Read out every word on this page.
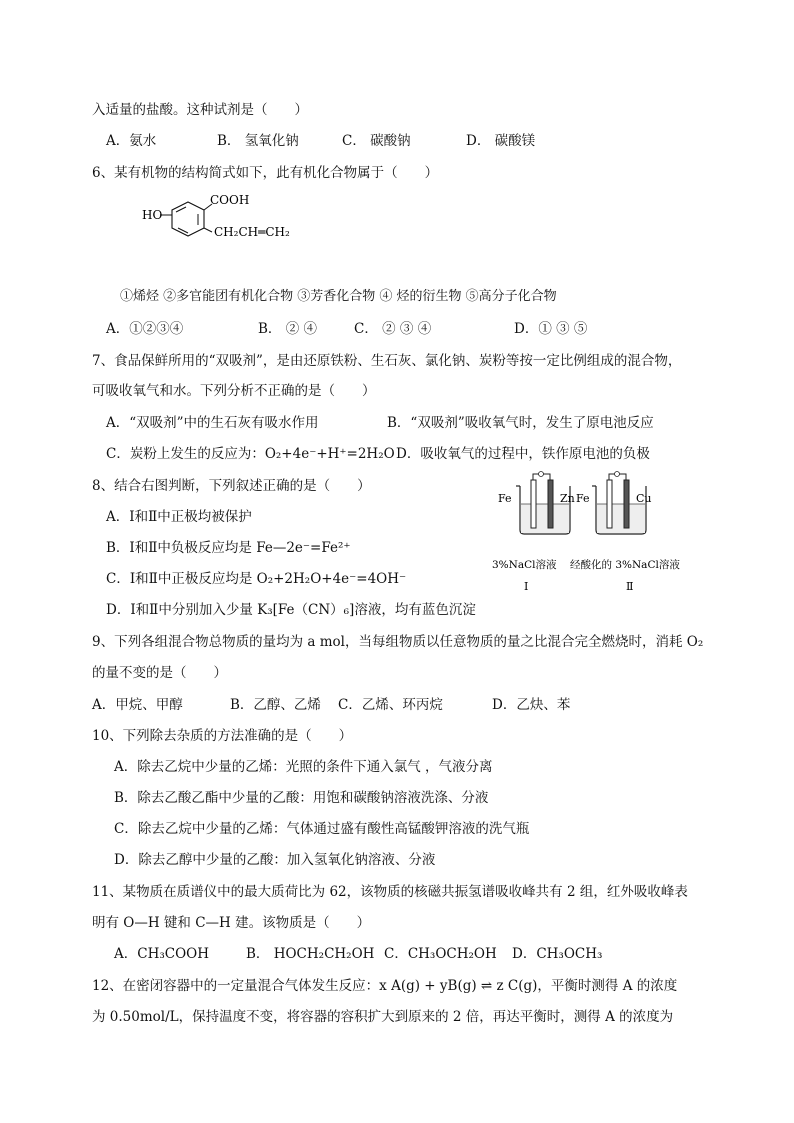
入适量的盐酸。这种试剂是（　　）
A．氨水	B． 氢氧化钠	C． 碳酸钠	D． 碳酸镁
6、某有机物的结构简式如下，此有机化合物属于（　　）
HO
COOH
CH₂CH═CH₂
①烯烃 ②多官能团有机化合物 ③芳香化合物 ④ 烃的衍生物 ⑤高分子化合物
A．①②③④	B． ② ④	C． ② ③ ④	D．① ③ ⑤
7、食品保鲜所用的“双吸剂”，是由还原铁粉、生石灰、氯化钠、炭粉等按一定比例组成的混合物，
可吸收氧气和水。下列分析不正确的是（　　）
A．“双吸剂”中的生石灰有吸水作用	B．“双吸剂”吸收氧气时，发生了原电池反应
C．炭粉上发生的反应为：O₂+4e⁻+H⁺=2H₂O D．吸收氧气的过程中，铁作原电池的负极
8、结合右图判断，下列叙述正确的是（　　）
A．Ⅰ和Ⅱ中正极均被保护
B．Ⅰ和Ⅱ中负极反应均是 Fe—2e⁻=Fe²⁺
C．Ⅰ和Ⅱ中正极反应均是 O₂+2H₂O+4e⁻=4OH⁻
D．Ⅰ和Ⅱ中分别加入少量 K₃[Fe（CN）₆]溶液，均有蓝色沉淀
Fe	Zn Fe	Cu
3%NaCl溶液 经酸化的 3%NaCl溶液
Ⅰ	Ⅱ
9、下列各组混合物总物质的量均为 a mol，当每组物质以任意物质的量之比混合完全燃烧时，消耗 O₂
的量不变的是（　　）
A．甲烷、甲醇	B．乙醇、乙烯 C．乙烯、环丙烷	D．乙炔、苯
10、下列除去杂质的方法准确的是（　　）
A．除去乙烷中少量的乙烯：光照的条件下通入氯气 ，气液分离
B．除去乙酸乙酯中少量的乙酸：用饱和碳酸钠溶液洗涤、分液
C．除去乙烷中少量的乙烯：气体通过盛有酸性高锰酸钾溶液的洗气瓶
D．除去乙醇中少量的乙酸：加入氢氧化钠溶液、分液
11、某物质在质谱仪中的最大质荷比为 62，该物质的核磁共振氢谱吸收峰共有 2 组，红外吸收峰表
明有 O—H 键和 C—H 建。该物质是（　　）
A．CH₃COOH	B． HOCH₂CH₂OH C．CH₃OCH₂OH D．CH₃OCH₃
12、在密闭容器中的一定量混合气体发生反应：x A(g) + yB(g) ⇌ z C(g)，平衡时测得 A 的浓度
为 0.50mol/L，保持温度不变，将容器的容积扩大到原来的 2 倍，再达平衡时，测得 A 的浓度为
